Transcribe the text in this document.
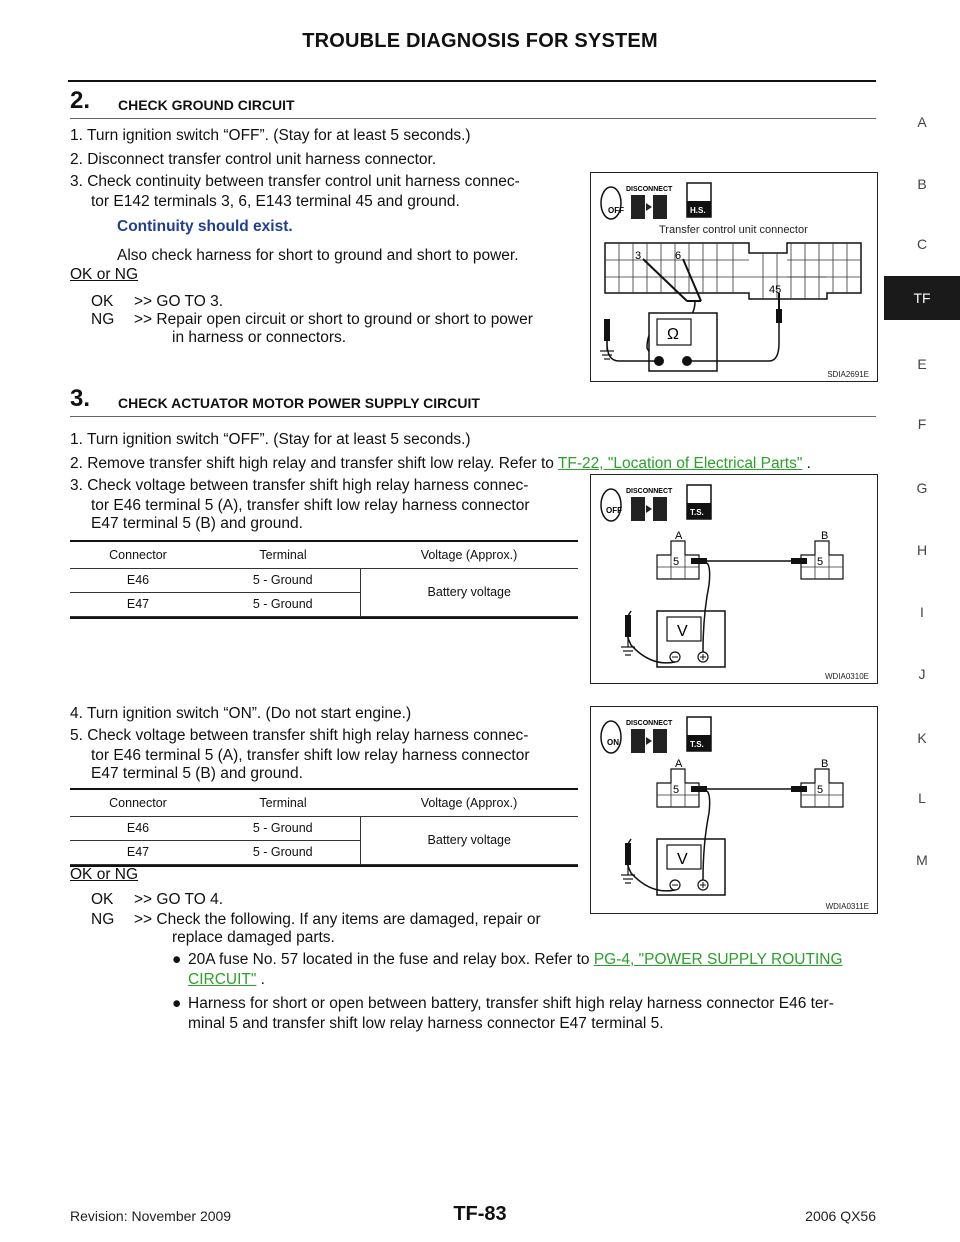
TROUBLE DIAGNOSIS FOR SYSTEM
A
B
C
TF
E
F
G
H
I
J
K
L
M
2. CHECK GROUND CIRCUIT
1. Turn ignition switch “OFF”. (Stay for at least 5 seconds.)
2. Disconnect transfer control unit harness connector.
3. Check continuity between transfer control unit harness connec-
tor E142 terminals 3, 6, E143 terminal 45 and ground.
Continuity should exist.
Also check harness for short to ground and short to power.
OK or NG
OK >> GO TO 3.
NG >> Repair open circuit or short to ground or short to power
in harness or connectors.
OFF
DISCONNECT
H.S.
Transfer control unit connector
3	6
45
Ω
SDIA2691E
3. CHECK ACTUATOR MOTOR POWER SUPPLY CIRCUIT
1. Turn ignition switch “OFF”. (Stay for at least 5 seconds.)
2. Remove transfer shift high relay and transfer shift low relay. Refer to TF-22, "Location of Electrical Parts" .
3. Check voltage between transfer shift high relay harness connec-
tor E46 terminal 5 (A), transfer shift low relay harness connector
E47 terminal 5 (B) and ground.
Connector	Terminal	Voltage (Approx.)
E46	5 - Ground	Battery voltage
E47	5 - Ground	
OFF
DISCONNECT
T.S.
A	B
5	5
V
WDIA0310E
4. Turn ignition switch “ON”. (Do not start engine.)
5. Check voltage between transfer shift high relay harness connec-
tor E46 terminal 5 (A), transfer shift low relay harness connector
E47 terminal 5 (B) and ground.
Connector	Terminal	Voltage (Approx.)
E46	5 - Ground	Battery voltage
E47	5 - Ground	
ON
DISCONNECT
T.S.
A	B
5	5
V
WDIA0311E
OK or NG
OK >> GO TO 4.
NG >> Check the following. If any items are damaged, repair or
replace damaged parts.
● 20A fuse No. 57 located in the fuse and relay box. Refer to PG-4, "POWER SUPPLY ROUTING
CIRCUIT" .
● Harness for short or open between battery, transfer shift high relay harness connector E46 ter-
minal 5 and transfer shift low relay harness connector E47 terminal 5.
Revision: November 2009	TF-83	2006 QX56
